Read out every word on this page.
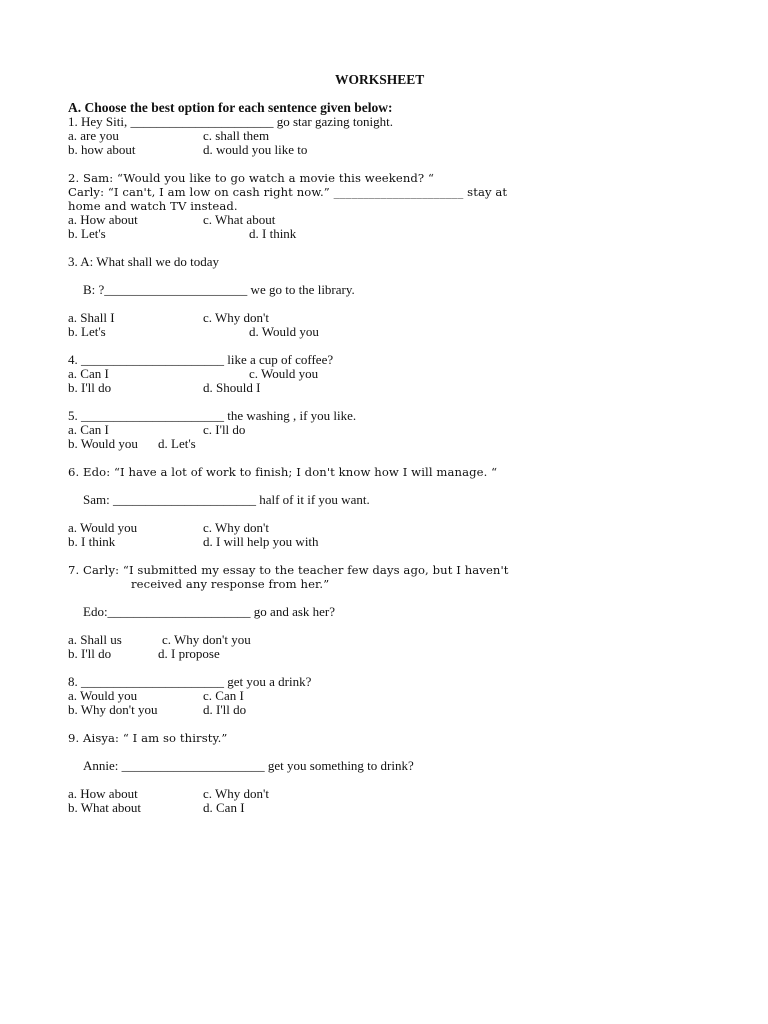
WORKSHEET
A. Choose the best option for each sentence given below:
1. Hey Siti, ______________________ go star gazing tonight.
a. are you	c. shall them
b. how about	d. would you like to
2. Sam: “Would you like to go watch a movie this weekend? “
Carly: “I can't, I am low on cash right now.” ______________________ stay at
home and watch TV instead.
a. How about	c. What about
b. Let's	d. I think
3. A: What shall we do today
B: ?______________________ we go to the library.
a. Shall I	c. Why don't
b. Let's	d. Would you
4. ______________________ like a cup of coffee?
a. Can I	c. Would you
b. I'll do	d. Should I
5. ______________________ the washing , if you like.
a. Can I	c. I'll do
b. Would you d. Let's
6. Edo: “I have a lot of work to finish; I don't know how I will manage. “
Sam: ______________________ half of it if you want.
a. Would you	c. Why don't
b. I think	d. I will help you with
7. Carly: “I submitted my essay to the teacher few days ago, but I haven't
received any response from her.”
Edo:______________________ go and ask her?
a. Shall us	c. Why don't you
b. I'll do	d. I propose
8. ______________________ get you a drink?
a. Would you	c. Can I
b. Why don't you	d. I'll do
9. Aisya: “ I am so thirsty.”
Annie: ______________________ get you something to drink?
a. How about	c. Why don't
b. What about	d. Can I
